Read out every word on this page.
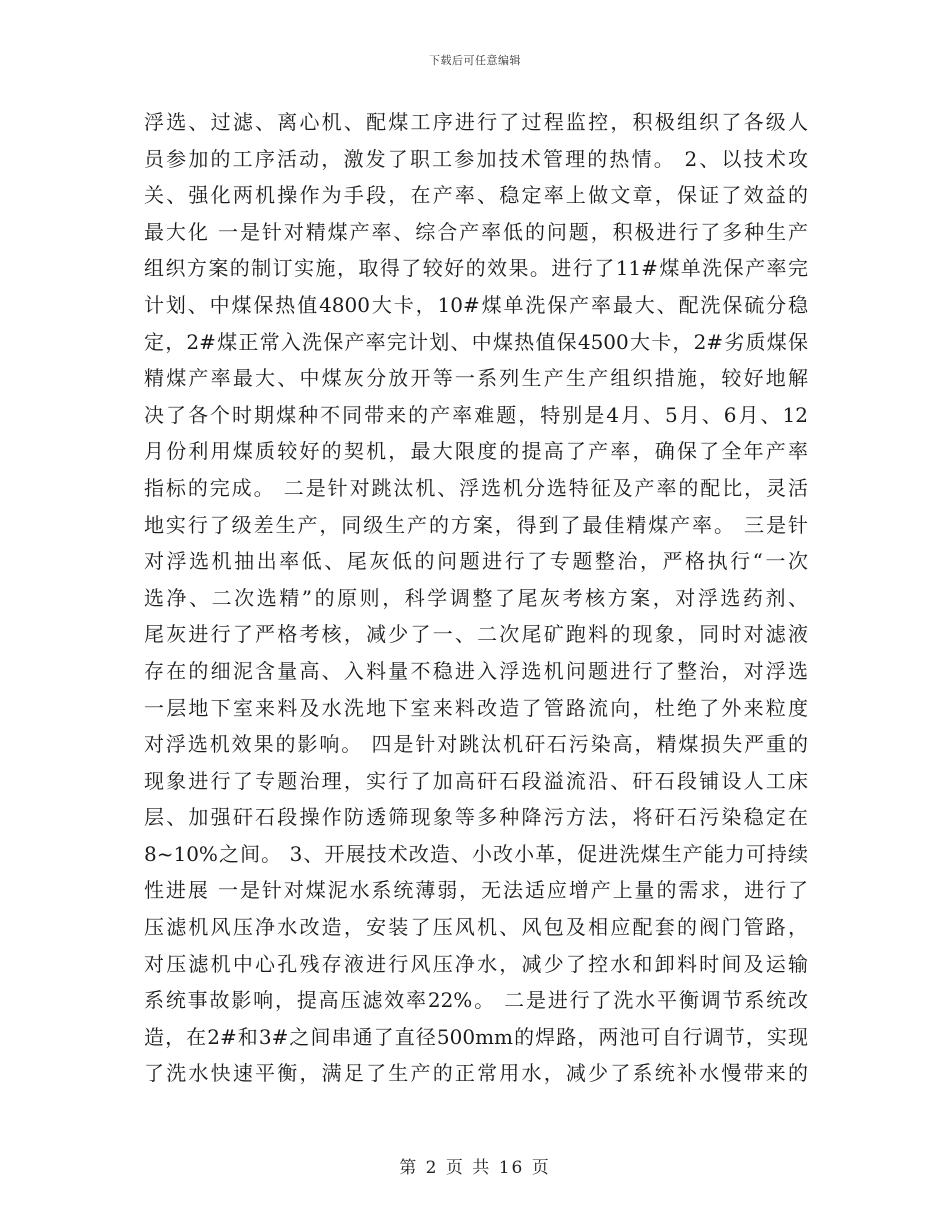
下载后可任意编辑
浮选、过滤、离心机、配煤工序进行了过程监控，积极组织了各级人
员参加的工序活动，激发了职工参加技术管理的热情。 2、以技术攻
关、强化两机操作为手段，在产率、稳定率上做文章，保证了效益的
最大化 一是针对精煤产率、综合产率低的问题，积极进行了多种生产
组织方案的制订实施，取得了较好的效果。进行了11#煤单洗保产率完
计划、中煤保热值4800大卡，10#煤单洗保产率最大、配洗保硫分稳
定，2#煤正常入洗保产率完计划、中煤热值保4500大卡，2#劣质煤保
精煤产率最大、中煤灰分放开等一系列生产生产组织措施，较好地解
决了各个时期煤种不同带来的产率难题，特别是4月、5月、6月、12
月份利用煤质较好的契机，最大限度的提高了产率，确保了全年产率
指标的完成。 二是针对跳汰机、浮选机分选特征及产率的配比，灵活
地实行了级差生产，同级生产的方案，得到了最佳精煤产率。 三是针
对浮选机抽出率低、尾灰低的问题进行了专题整治，严格执行“一次
选净、二次选精”的原则，科学调整了尾灰考核方案，对浮选药剂、
尾灰进行了严格考核，减少了一、二次尾矿跑料的现象，同时对滤液
存在的细泥含量高、入料量不稳进入浮选机问题进行了整治，对浮选
一层地下室来料及水洗地下室来料改造了管路流向，杜绝了外来粒度
对浮选机效果的影响。 四是针对跳汰机矸石污染高，精煤损失严重的
现象进行了专题治理，实行了加高矸石段溢流沿、矸石段铺设人工床
层、加强矸石段操作防透筛现象等多种降污方法，将矸石污染稳定在
8~10%之间。 3、开展技术改造、小改小革，促进洗煤生产能力可持续
性进展 一是针对煤泥水系统薄弱，无法适应增产上量的需求，进行了
压滤机风压净水改造，安装了压风机、风包及相应配套的阀门管路，
对压滤机中心孔残存液进行风压净水，减少了控水和卸料时间及运输
系统事故影响，提高压滤效率22%。 二是进行了洗水平衡调节系统改
造，在2#和3#之间串通了直径500mm的焊路，两池可自行调节，实现
了洗水快速平衡，满足了生产的正常用水，减少了系统补水慢带来的
第 2 页 共 16 页
